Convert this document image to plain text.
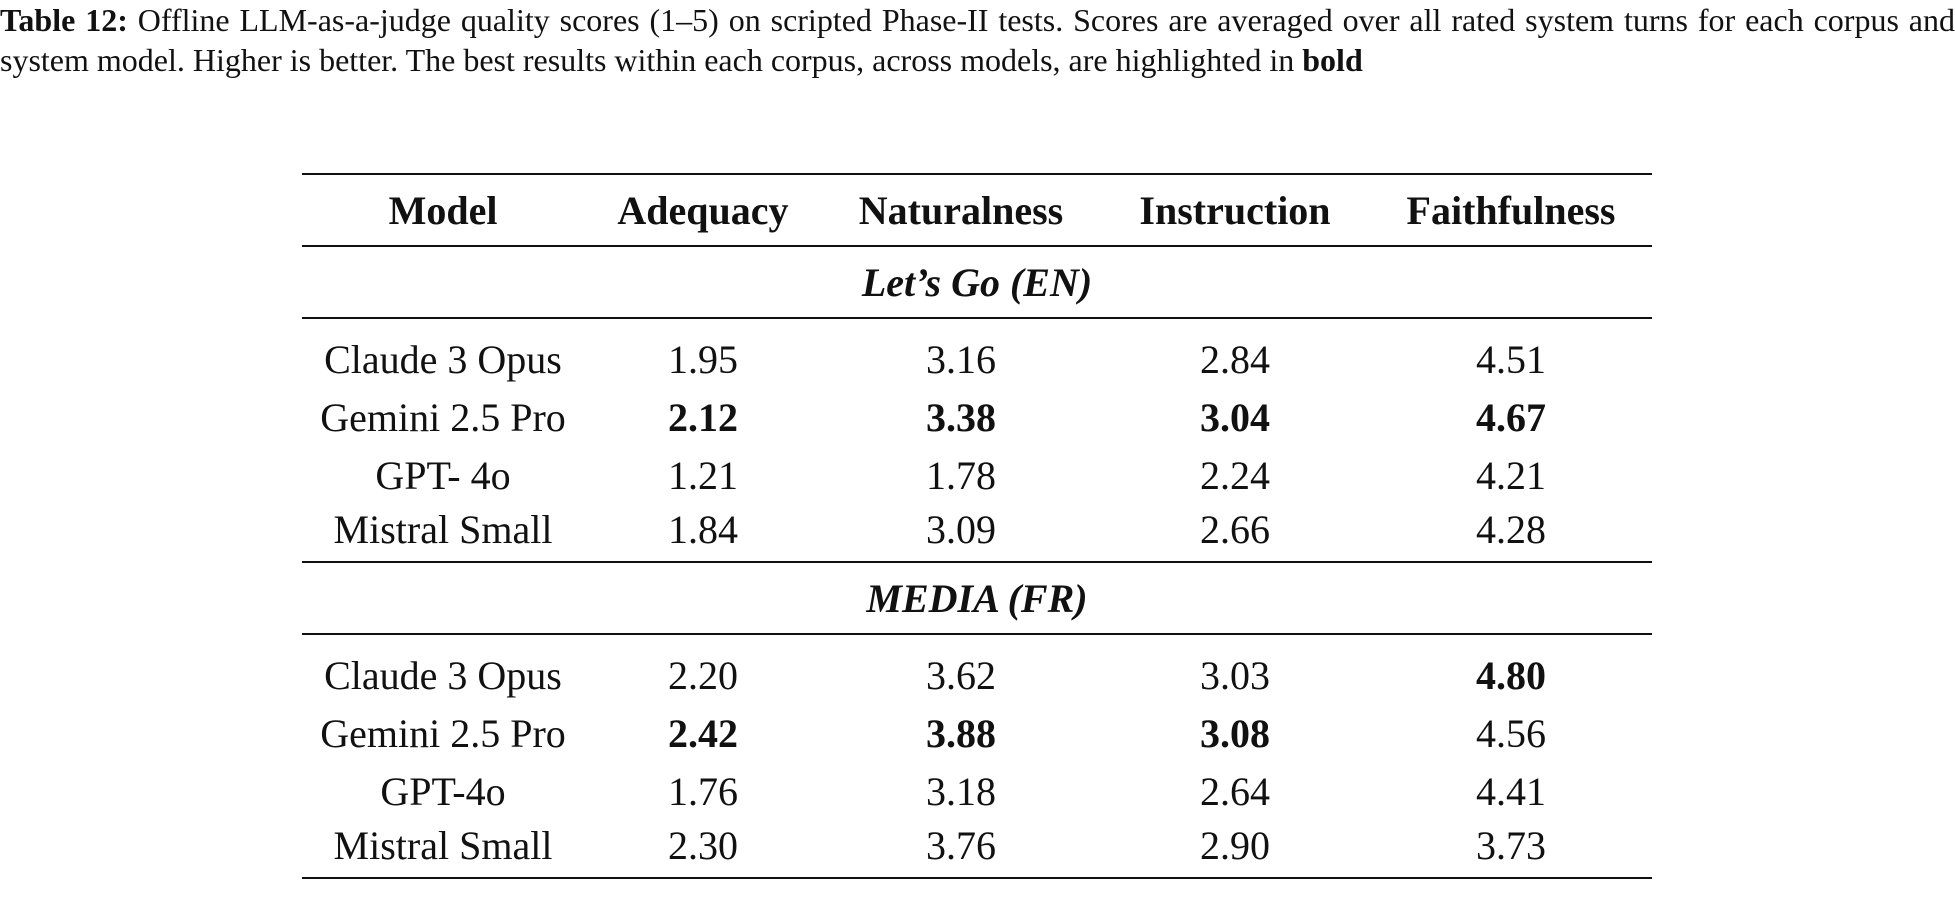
Table 12: Offline LLM-as-a-judge quality scores (1–5) on scripted Phase-II tests. Scores are averaged over all rated system turns for each corpus and system model. Higher is better. The best results within each corpus, across models, are highlighted in bold
Model	Adequacy	Naturalness	Instruction	Faithfulness
Let’s Go (EN)				

Claude 3 Opus	1.95	3.16	2.84	4.51
Gemini 2.5 Pro	2.12	3.38	3.04	4.67
GPT- 4o	1.21	1.78	2.24	4.21
Mistral Small	1.84	3.09	2.66	4.28
MEDIA (FR)				

Claude 3 Opus	2.20	3.62	3.03	4.80
Gemini 2.5 Pro	2.42	3.88	3.08	4.56
GPT-4o	1.76	3.18	2.64	4.41
Mistral Small	2.30	3.76	2.90	3.73
